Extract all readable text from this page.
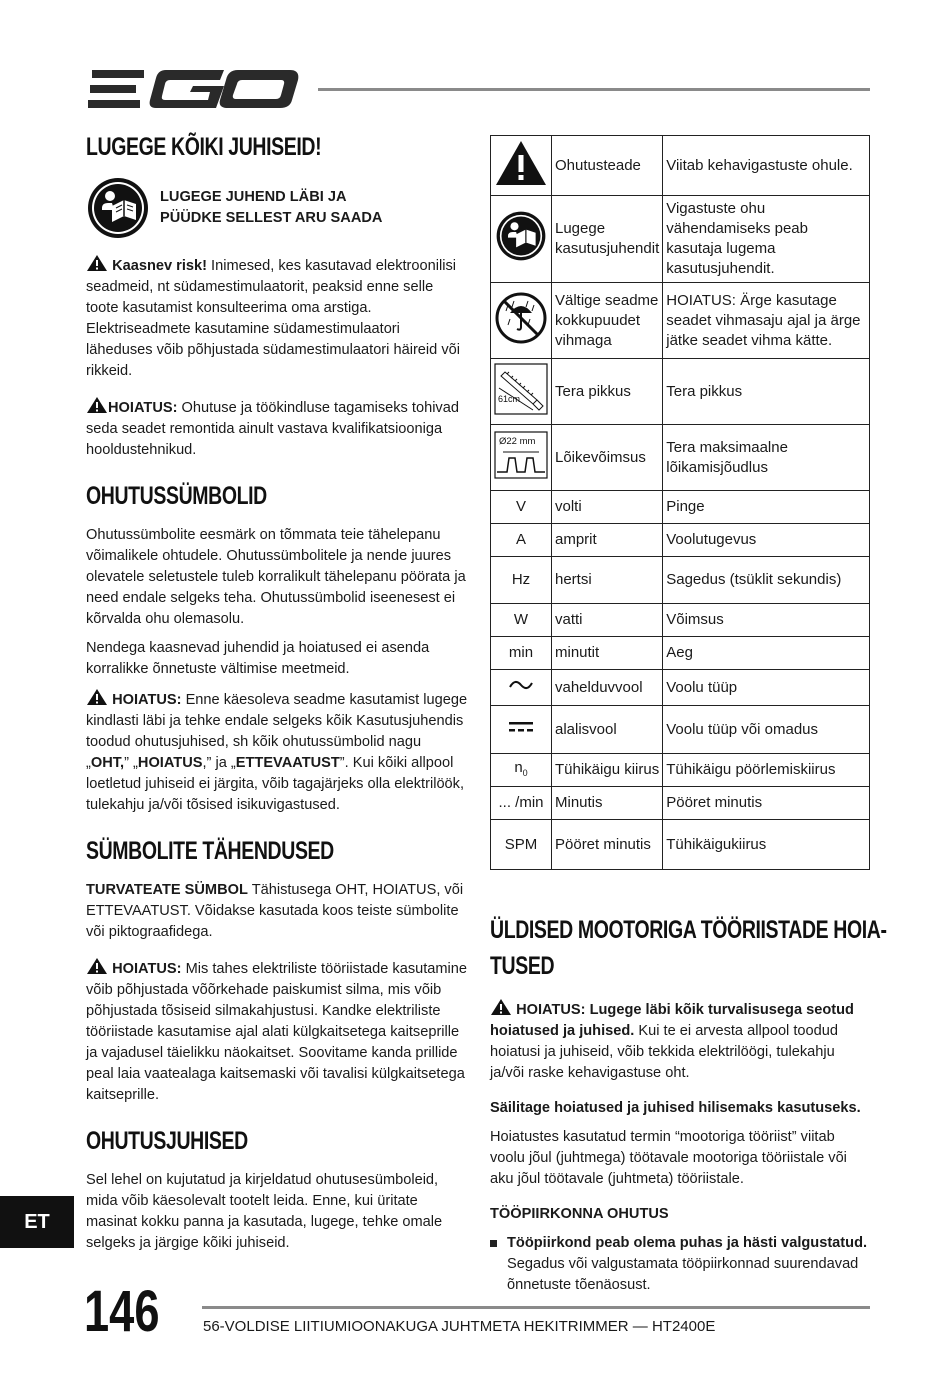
LUGEGE KÕIKI JUHISEID!
LUGEGE JUHEND LÄBI JA
PÜÜDKE SELLEST ARU SAADA

Kaasnev risk! Inimesed, kes kasutavad elektroonilisi seadmeid, nt südamestimulaatorit, peaksid enne selle toote kasutamist konsulteerima oma arstiga. Elektriseadmete kasutamine südamestimulaatori läheduses võib põhjustada südamestimulaatori häireid või rikkeid.

HOIATUS: Ohutuse ja töökindluse tagamiseks tohivad seda seadet remontida ainult vastava kvalifikatsiooniga hooldustehnikud.

OHUTUSSÜMBOLID

Ohutussümbolite eesmärk on tõmmata teie tähelepanu võimalikele ohtudele. Ohutussümbolitele ja nende juures olevatele seletustele tuleb korralikult tähelepanu pöörata ja need endale selgeks teha. Ohutussümbolid iseenesest ei kõrvalda ohu olemasolu.

Nendega kaasnevad juhendid ja hoiatused ei asenda korralikke õnnetuste vältimise meetmeid.

HOIATUS: Enne käesoleva seadme kasutamist lugege kindlasti läbi ja tehke endale selgeks kõik Kasutusjuhendis toodud ohutusjuhised, sh kõik ohutussümbolid nagu „OHT,” „HOIATUS,” ja „ETTEVAATUST”. Kui kõiki allpool loetletud juhiseid ei järgita, võib tagajärjeks olla elektrilöök, tulekahju ja/või tõsised isikuvigastused.

SÜMBOLITE TÄHENDUSED

TURVATEATE SÜMBOL Tähistusega OHT, HOIATUS, või ETTEVAATUST. Võidakse kasutada koos teiste sümbolite või piktograafidega.

HOIATUS: Mis tahes elektriliste tööriistade kasutamine võib põhjustada võõrkehade paiskumist silma, mis võib põhjustada tõsiseid silmakahjustusi. Kandke elektriliste tööriistade kasutamise ajal alati külgkaitsetega kaitseprille ja vajadusel täielikku näokaitset. Soovitame kanda prillide peal laia vaatealaga kaitsemaski või tavalisi külgkaitsetega kaitseprille.

OHUTUSJUHISED

Sel lehel on kujutatud ja kirjeldatud ohutusesümboleid, mida võib käesolevalt tootelt leida. Enne, kui üritate masinat kokku panna ja kasutada, lugege, tehke omale selgeks ja järgige kõiki juhiseid.

	Ohutusteade	Viitab kehavigastuste ohule.
	Lugege kasutusjuhendit	Vigastuste ohu vähendamiseks peab kasutaja lugema kasutusjuhendit.
	Vältige seadme kokkupuudet vihmaga	HOIATUS: Ärge kasutage seadet vihmasaju ajal ja ärge jätke seadet vihma kätte.

61cm	Tera pikkus	Tera pikkus

Ø22 mm	Lõikevõimsus	Tera maksimaalne lõikamisjõudlus
V	volti	Pinge
A	amprit	Voolutugevus
Hz	hertsi	Sagedus (tsüklit sekundis)
W	vatti	Võimsus
min	minutit	Aeg
	vahelduvvool	Voolu tüüp
	alalisvool	Voolu tüüp või omadus
$n_0$	Tühikäigu kiirus	Tühikäigu pöörlemiskiirus
... /min	Minutis	Pööret minutis
SPM	Pööret minutis	Tühikäigukiirus
ÜLDISED MOOTORIGA TÖÖRIISTADE HOIA-
TUSED

HOIATUS: Lugege läbi kõik turvalisusega seotud hoiatused ja juhised. Kui te ei arvesta allpool toodud hoiatusi ja juhiseid, võib tekkida elektrilöögi, tulekahju ja/või raske kehavigastuse oht.

Säilitage hoiatused ja juhised hilisemaks kasutuseks.

Hoiatustes kasutatud termin “mootoriga tööriist” viitab voolu jõul (juhtmega) töötavale mootoriga tööriistale või aku jõul töötavale (juhtmeta) tööriistale.

TÖÖPIIRKONNA OHUTUS

Tööpiirkond peab olema puhas ja hästi valgustatud. Segadus või valgustamata tööpiirkonnad suurendavad õnnetuste tõenäosust.

ET
146	56-VOLDISE LIITIUMIOONAKUGA JUHTMETA HEKITRIMMER — HT2400E
